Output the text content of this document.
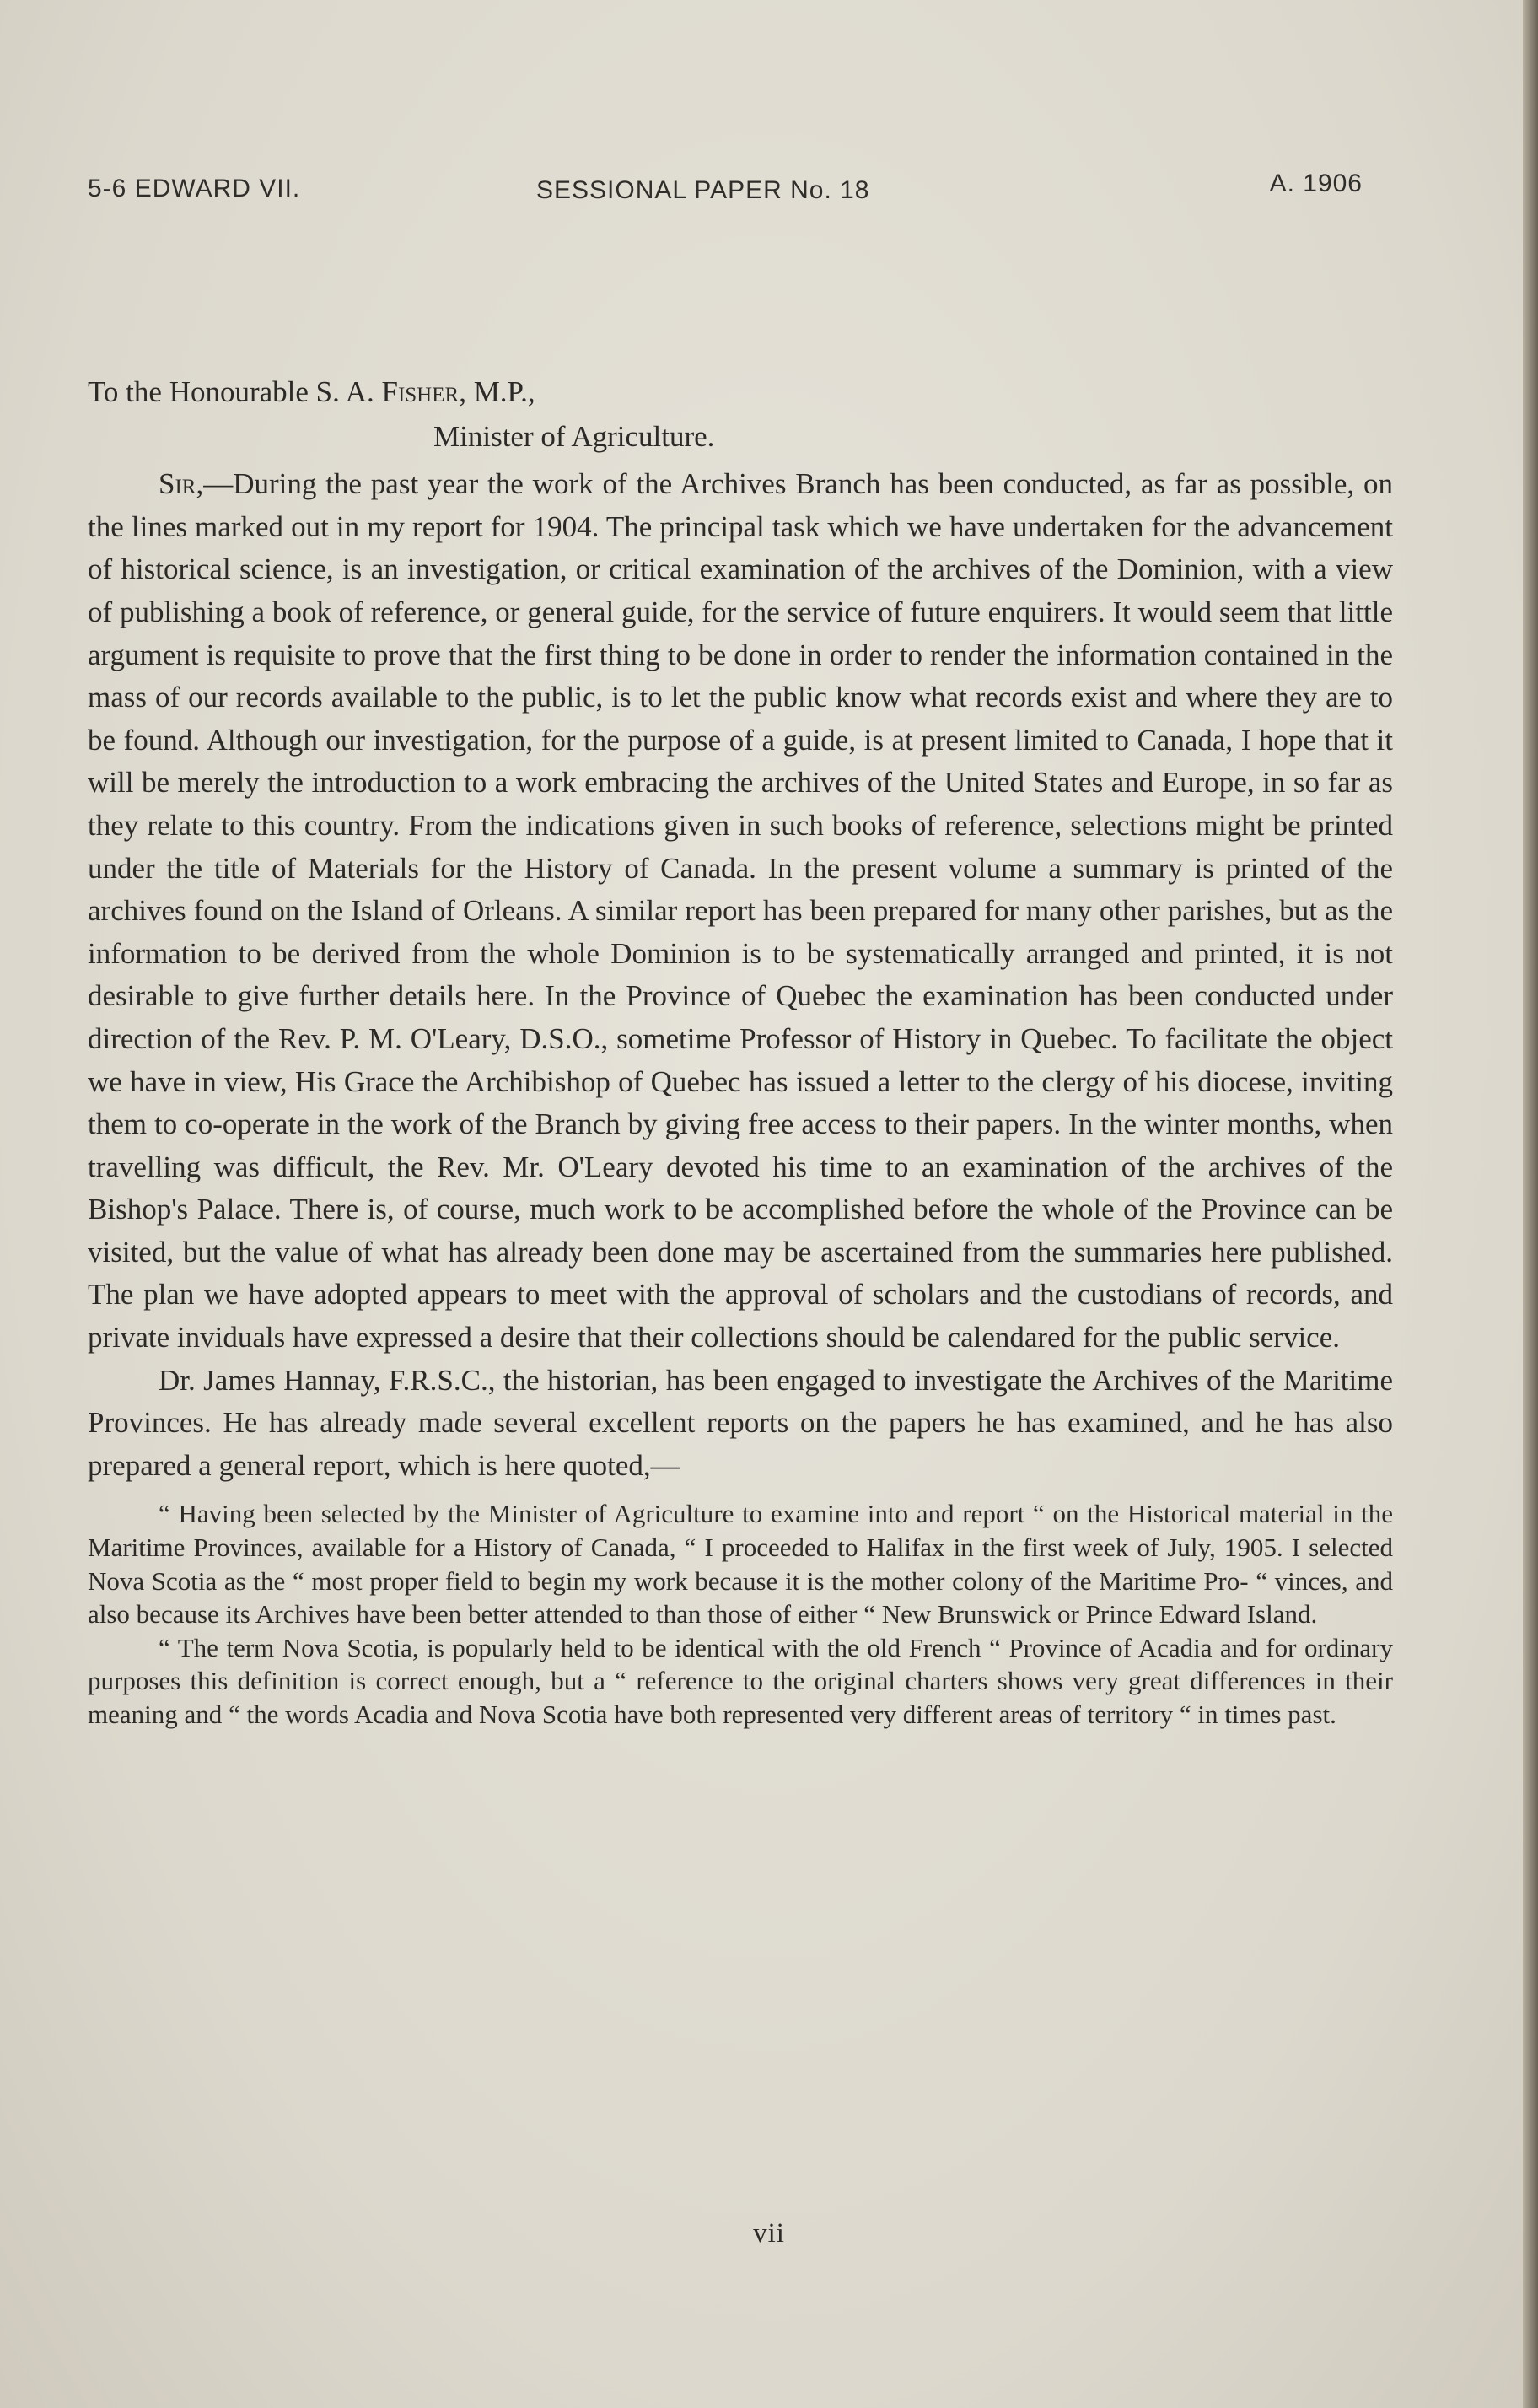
5-6 EDWARD VII.	SESSIONAL PAPER No. 18	A. 1906

To the Honourable S. A. Fisher, M.P.,

Minister of Agriculture.

Sir,—During the past year the work of the Archives Branch has been conducted, as far as possible, on the lines marked out in my report for 1904. The principal task which we have undertaken for the advancement of historical science, is an investigation, or critical examination of the archives of the Dominion, with a view of publishing a book of reference, or general guide, for the service of future enquirers. It would seem that little argument is requisite to prove that the first thing to be done in order to render the information contained in the mass of our records available to the public, is to let the public know what records exist and where they are to be found. Although our investigation, for the purpose of a guide, is at present limited to Canada, I hope that it will be merely the introduction to a work embracing the archives of the United States and Europe, in so far as they relate to this country. From the indications given in such books of reference, selections might be printed under the title of Materials for the History of Canada. In the present volume a summary is printed of the archives found on the Island of Orleans. A similar report has been prepared for many other parishes, but as the information to be derived from the whole Dominion is to be systematically arranged and printed, it is not desirable to give further details here. In the Province of Quebec the examination has been conducted under direction of the Rev. P. M. O'Leary, D.S.O., sometime Professor of History in Quebec. To facilitate the object we have in view, His Grace the Archibishop of Quebec has issued a letter to the clergy of his diocese, inviting them to co-operate in the work of the Branch by giving free access to their papers. In the winter months, when travelling was difficult, the Rev. Mr. O'Leary devoted his time to an examination of the archives of the Bishop's Palace. There is, of course, much work to be accomplished before the whole of the Province can be visited, but the value of what has already been done may be ascertained from the summaries here published. The plan we have adopted appears to meet with the approval of scholars and the custodians of records, and private inviduals have expressed a desire that their collections should be calendared for the public service.

Dr. James Hannay, F.R.S.C., the historian, has been engaged to investigate the Archives of the Maritime Provinces. He has already made several excellent reports on the papers he has examined, and he has also prepared a general report, which is here quoted,—

“ Having been selected by the Minister of Agriculture to examine into and report “ on the Historical material in the Maritime Provinces, available for a History of Canada, “ I proceeded to Halifax in the first week of July, 1905. I selected Nova Scotia as the “ most proper field to begin my work because it is the mother colony of the Maritime Pro- “ vinces, and also because its Archives have been better attended to than those of either “ New Brunswick or Prince Edward Island.

“ The term Nova Scotia, is popularly held to be identical with the old French “ Province of Acadia and for ordinary purposes this definition is correct enough, but a “ reference to the original charters shows very great differences in their meaning and “ the words Acadia and Nova Scotia have both represented very different areas of territory “ in times past.

vii
